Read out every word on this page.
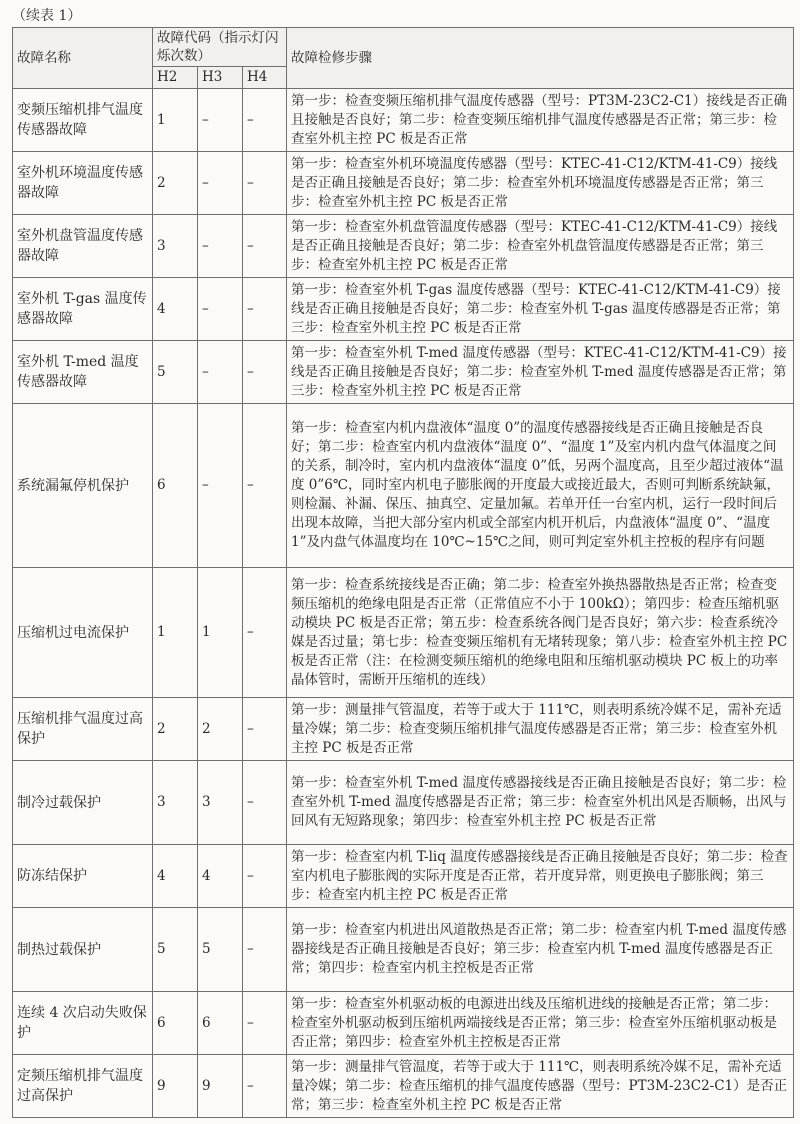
（续表 1）
故障名称	故障代码（指示灯闪烁次数）			故障检修步骤
	H2	H3	H4	
变频压缩机排气温度传感器故障	1	–	–	第一步：检查变频压缩机排气温度传感器（型号：PT3M-23C2-C1）接线是否正确且接触是否良好；第二步：检查变频压缩机排气温度传感器是否正常；第三步：检查室外机主控 PC 板是否正常
室外机环境温度传感器故障	2	–	–	第一步：检查室外机环境温度传感器（型号：KTEC-41-C12/KTM-41-C9）接线是否正确且接触是否良好；第二步：检查室外机环境温度传感器是否正常；第三步：检查室外机主控 PC 板是否正常
室外机盘管温度传感器故障	3	–	–	第一步：检查室外机盘管温度传感器（型号：KTEC-41-C12/KTM-41-C9）接线是否正确且接触是否良好；第二步：检查室外机盘管温度传感器是否正常；第三步：检查室外机主控 PC 板是否正常
室外机 T-gas 温度传感器故障	4	–	–	第一步：检查室外机 T-gas 温度传感器（型号：KTEC-41-C12/KTM-41-C9）接线是否正确且接触是否良好；第二步：检查室外机 T-gas 温度传感器是否正常；第三步：检查室外机主控 PC 板是否正常
室外机 T-med 温度传感器故障	5	–	–	第一步：检查室外机 T-med 温度传感器（型号：KTEC-41-C12/KTM-41-C9）接线是否正确且接触是否良好；第二步：检查室外机 T-med 温度传感器是否正常；第三步：检查室外机主控 PC 板是否正常
系统漏氟停机保护	6	–	–	第一步：检查室内机内盘液体“温度 0”的温度传感器接线是否正确且接触是否良好；第二步：检查室内机内盘液体“温度 0”、“温度 1”及室内机内盘气体温度之间的关系，制冷时，室内机内盘液体“温度 0”低，另两个温度高，且至少超过液体“温度 0”6℃，同时室内机电子膨胀阀的开度最大或接近最大，否则可判断系统缺氟，则检漏、补漏、保压、抽真空、定量加氟。若单开任一台室内机，运行一段时间后出现本故障，当把大部分室内机或全部室内机开机后，内盘液体“温度 0”、“温度 1”及内盘气体温度均在 10℃~15℃之间，则可判定室外机主控板的程序有问题
压缩机过电流保护	1	1	–	第一步：检查系统接线是否正确；第二步：检查室外换热器散热是否正常；检查变频压缩机的绝缘电阻是否正常（正常值应不小于 100kΩ）；第四步：检查压缩机驱动模块 PC 板是否正常；第五步：检查系统各阀门是否良好；第六步：检查系统冷媒是否过量；第七步：检查变频压缩机有无堵转现象；第八步：检查室外机主控 PC 板是否正常（注：在检测变频压缩机的绝缘电阻和压缩机驱动模块 PC 板上的功率晶体管时，需断开压缩机的连线）
压缩机排气温度过高保护	2	2	–	第一步：测量排气管温度，若等于或大于 111℃，则表明系统冷媒不足，需补充适量冷媒；第二步：检查变频压缩机排气温度传感器是否正常；第三步：检查室外机主控 PC 板是否正常
制冷过载保护	3	3	–	第一步：检查室外机 T-med 温度传感器接线是否正确且接触是否良好；第二步：检查室外机 T-med 温度传感器是否正常；第三步：检查室外机出风是否顺畅，出风与回风有无短路现象；第四步：检查室外机主控 PC 板是否正常
防冻结保护	4	4	–	第一步：检查室内机 T-liq 温度传感器接线是否正确且接触是否良好；第二步：检查室内机电子膨胀阀的实际开度是否正常，若开度异常，则更换电子膨胀阀；第三步：检查室内机主控 PC 板是否正常
制热过载保护	5	5	–	第一步：检查室内机进出风道散热是否正常；第二步：检查室内机 T-med 温度传感器接线是否正确且接触是否良好；第三步：检查室内机 T-med 温度传感器是否正常；第四步：检查室内机主控板是否正常
连续 4 次启动失败保护	6	6	–	第一步：检查室外机驱动板的电源进出线及压缩机进线的接触是否正常；第二步：检查室外机驱动板到压缩机两端接线是否正常；第三步：检查室外压缩机驱动板是否正常；第四步：检查室外机主控板是否正常
定频压缩机排气温度过高保护	9	9	–	第一步：测量排气管温度，若等于或大于 111℃，则表明系统冷媒不足，需补充适量冷媒；第二步：检查压缩机的排气温度传感器（型号：PT3M-23C2-C1）是否正常；第三步：检查室外机主控 PC 板是否正常
